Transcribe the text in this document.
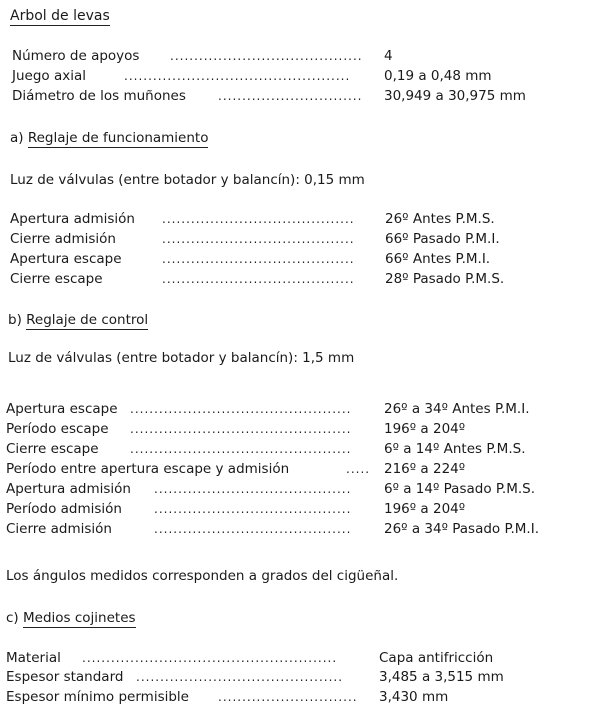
Arbol de levas
Número de apoyos	........................................	4
Juego axial	...............................................	0,19 a 0,48 mm
Diámetro de los muñones	..............................	30,949 a 30,975 mm
a) Reglaje de funcionamiento
Luz de válvulas (entre botador y balancín): 0,15 mm
Apertura admisión ........................................	26º Antes P.M.S.
Cierre admisión	........................................	66º Pasado P.M.I.
Apertura escape	........................................	66º Antes P.M.I.
Cierre escape	........................................	28º Pasado P.M.S.
b) Reglaje de control
Luz de válvulas (entre botador y balancín): 1,5 mm
Apertura escape ..............................................	26º a 34º Antes P.M.I.
Período escape ..............................................	196º a 204º
Cierre escape	..............................................	6º a 14º Antes P.M.S.
Período entre apertura escape y admisión	.....	216º a 224º
Apertura admisión .........................................	6º a 14º Pasado P.M.S.
Período admisión	.........................................	196º a 204º
Cierre admisión	.........................................	26º a 34º Pasado P.M.I.
Los ángulos medidos corresponden a grados del cigüeñal.
c) Medios cojinetes
Material .....................................................	Capa antifricción
Espesor standard ...........................................	3,485 a 3,515 mm
Espesor mínimo permisible .............................	3,430 mm
